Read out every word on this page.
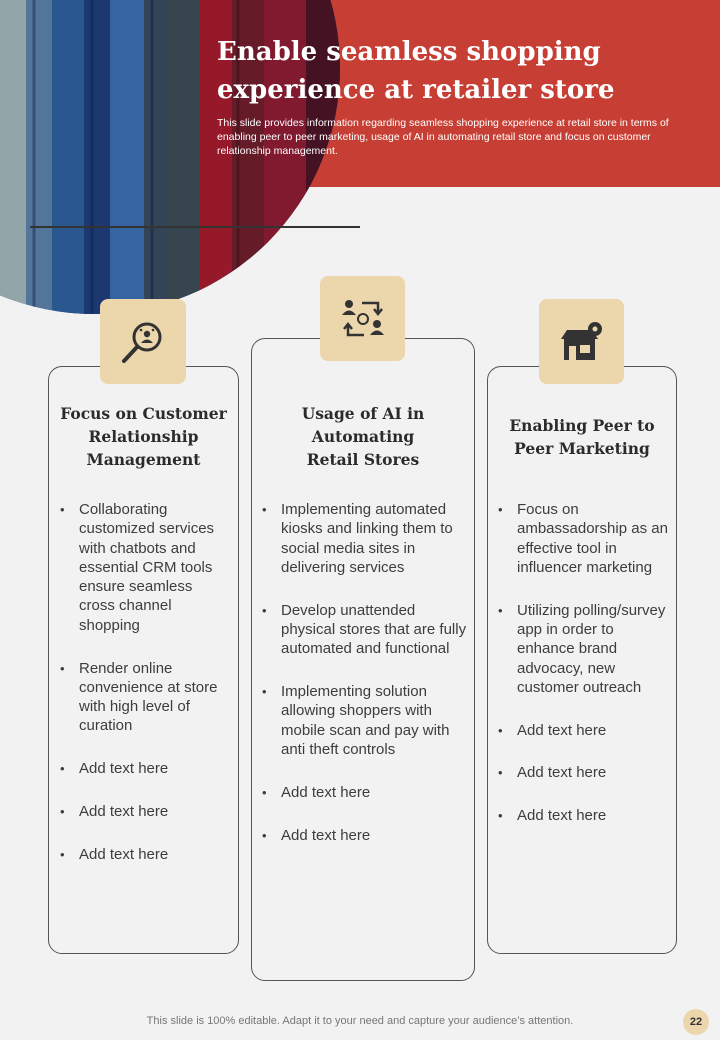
Enable seamless shopping experience at retailer store
This slide provides information regarding seamless shopping experience at retail store in terms of enabling peer to peer marketing, usage of AI in automating retail store and focus on customer relationship management.
Focus on Customer Relationship Management
• Collaborating customized services with chatbots and essential CRM tools ensure seamless cross channel shopping
• Render online convenience at store with high level of curation
• Add text here
• Add text here
• Add text here
Usage of AI in Automating Retail Stores
• Implementing automated kiosks and linking them to social media sites in delivering services
• Develop unattended physical stores that are fully automated and functional
• Implementing solution allowing shoppers with mobile scan and pay with anti theft controls
• Add text here
• Add text here
Enabling Peer to Peer Marketing
• Focus on ambassadorship as an effective tool in influencer marketing
• Utilizing polling/survey app in order to enhance brand advocacy, new customer outreach
• Add text here
• Add text here
• Add text here
This slide is 100% editable. Adapt it to your need and capture your audience’s attention.	22
